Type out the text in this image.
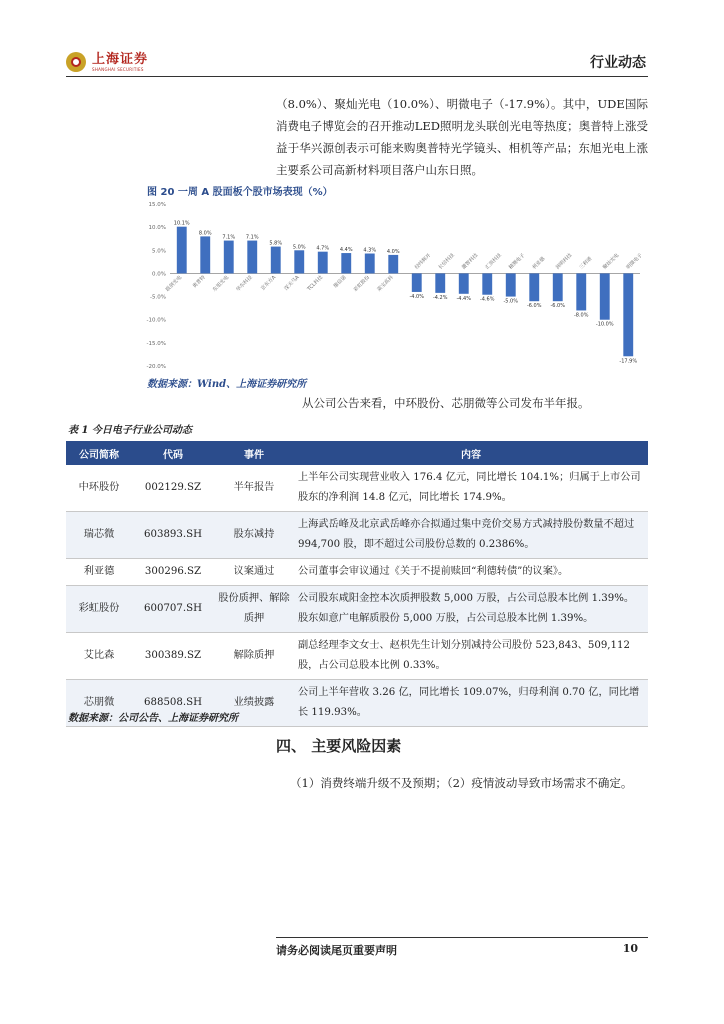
上海证券
SHANGHAI SECURITIES	行业动态
（8.0%）、聚灿光电（10.0%）、明微电子（-17.9%）。其中，UDE国际消费电子博览会的召开推动LED照明龙头联创光电等热度；奥普特上涨受益于华兴源创表示可能来购奥普特光学镜头、相机等产品；东旭光电上涨主要系公司高新材料项目落户山东日照。
图 20 一周 A 股面板个股市场表现（%）
15.0%
10.0%
5.0%
0.0%
-5.0%
-10.0%
-15.0%
-20.0%
10.1%
联创光电
8.0%
奥普特
7.1%
东旭光电
7.1%
华东科技
5.8%
京东方A
5.0%
深天马A
4.7%
TCL科技
4.4%
维信诺
4.3%
彩虹股份
4.0%
莱宝高科
-4.0%
经纬辉开
-4.2%
长信科技
-4.4%
激智科技
-4.6%
汇顶科技
-5.0%
精测电子
-6.0%
利亚德
-6.0%
洲明科技
-8.0%
三利谱
-10.0%
聚灿光电
-17.9%
明微电子
数据来源：Wind、上海证券研究所
从公司公告来看，中环股份、芯朋微等公司发布半年报。
表 1 今日电子行业公司动态
公司简称	代码	事件	内容
中环股份	002129.SZ	半年报告	上半年公司实现营业收入 176.4 亿元，同比增长 104.1%；归属于上市公司股东的净利润 14.8 亿元，同比增长 174.9%。
瑞芯微	603893.SH	股东减持	上海武岳峰及北京武岳峰亦合拟通过集中竞价交易方式减持股份数量不超过 994,700 股，即不超过公司股份总数的 0.2386%。
利亚德	300296.SZ	议案通过	公司董事会审议通过《关于不提前赎回“利德转债”的议案》。
彩虹股份	600707.SH	股份质押、解除质押	公司股东咸阳金控本次质押股数 5,000 万股，占公司总股本比例 1.39%。股东如意广电解质股份 5,000 万股，占公司总股本比例 1.39%。
艾比森	300389.SZ	解除质押	副总经理李文女士、赵枳先生计划分别减持公司股份 523,843、509,112 股，占公司总股本比例 0.33%。
芯朋微	688508.SH	业绩披露	公司上半年营收 3.26 亿，同比增长 109.07%，归母利润 0.70 亿，同比增长 119.93%。
数据来源：公司公告、上海证券研究所
四、 主要风险因素
（1）消费终端升级不及预期；（2）疫情波动导致市场需求不确定。
请务必阅读尾页重要声明	10
